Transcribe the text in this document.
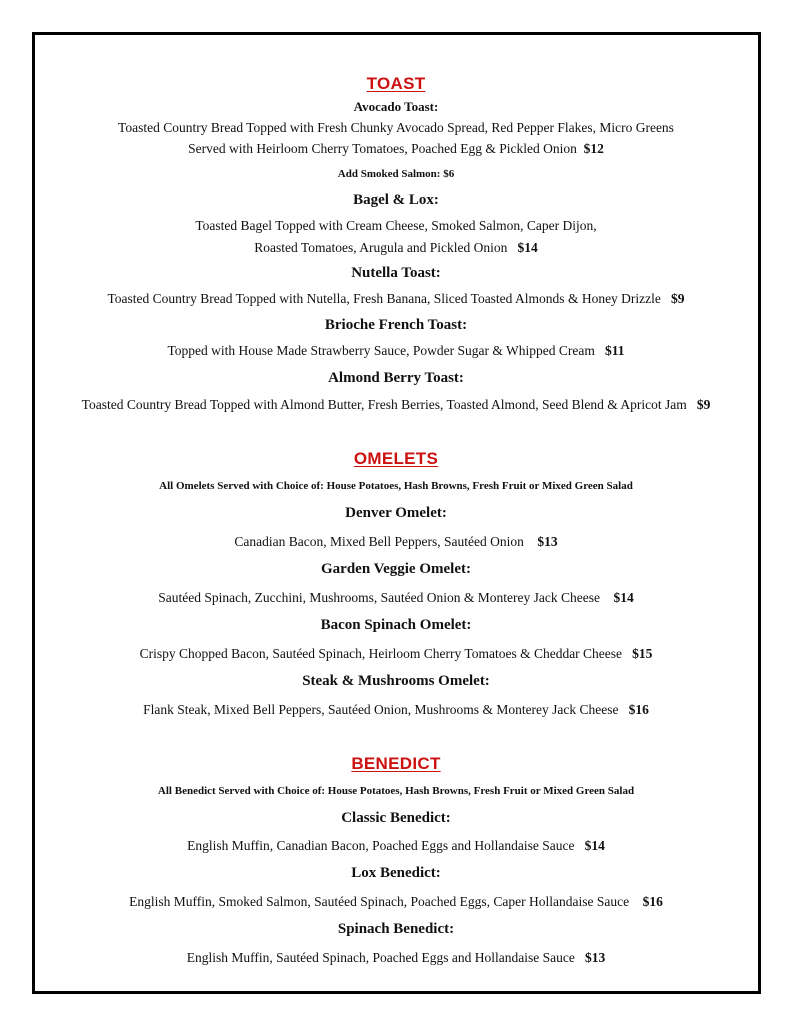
TOAST
Avocado Toast:
Toasted Country Bread Topped with Fresh Chunky Avocado Spread, Red Pepper Flakes, Micro Greens
Served with Heirloom Cherry Tomatoes, Poached Egg & Pickled Onion $12
Add Smoked Salmon: $6
Bagel & Lox:
Toasted Bagel Topped with Cream Cheese, Smoked Salmon, Caper Dijon,
Roasted Tomatoes, Arugula and Pickled Onion $14
Nutella Toast:
Toasted Country Bread Topped with Nutella, Fresh Banana, Sliced Toasted Almonds & Honey Drizzle $9
Brioche French Toast:
Topped with House Made Strawberry Sauce, Powder Sugar & Whipped Cream $11
Almond Berry Toast:
Toasted Country Bread Topped with Almond Butter, Fresh Berries, Toasted Almond, Seed Blend & Apricot Jam $9
OMELETS
All Omelets Served with Choice of: House Potatoes, Hash Browns, Fresh Fruit or Mixed Green Salad
Denver Omelet:
Canadian Bacon, Mixed Bell Peppers, Sautéed Onion $13
Garden Veggie Omelet:
Sautéed Spinach, Zucchini, Mushrooms, Sautéed Onion & Monterey Jack Cheese $14
Bacon Spinach Omelet:
Crispy Chopped Bacon, Sautéed Spinach, Heirloom Cherry Tomatoes & Cheddar Cheese $15
Steak & Mushrooms Omelet:
Flank Steak, Mixed Bell Peppers, Sautéed Onion, Mushrooms & Monterey Jack Cheese $16
BENEDICT
All Benedict Served with Choice of: House Potatoes, Hash Browns, Fresh Fruit or Mixed Green Salad
Classic Benedict:
English Muffin, Canadian Bacon, Poached Eggs and Hollandaise Sauce $14
Lox Benedict:
English Muffin, Smoked Salmon, Sautéed Spinach, Poached Eggs, Caper Hollandaise Sauce $16
Spinach Benedict:
English Muffin, Sautéed Spinach, Poached Eggs and Hollandaise Sauce $13
